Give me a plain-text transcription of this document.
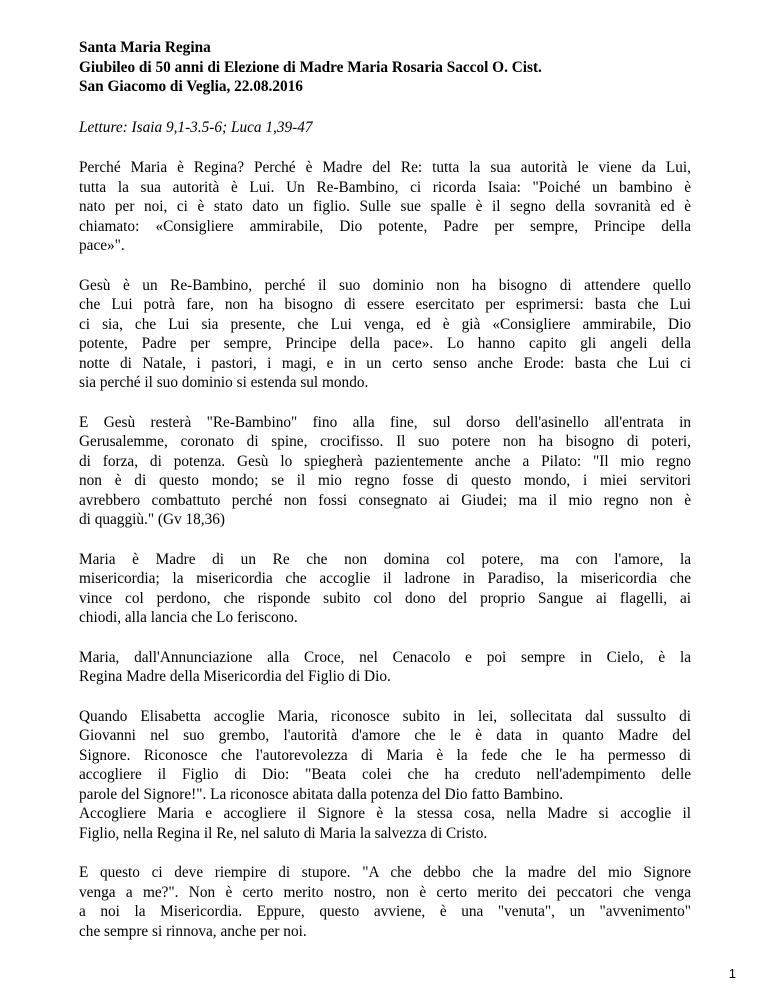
Santa Maria Regina

Giubileo di 50 anni di Elezione di Madre Maria Rosaria Saccol O. Cist.

San Giacomo di Veglia, 22.08.2016

Letture: Isaia 9,1-3.5-6; Luca 1,39-47

Perché Maria è Regina? Perché è Madre del Re: tutta la sua autorità le viene da Lui,
tutta la sua autorità è Lui. Un Re-Bambino, ci ricorda Isaia: "Poiché un bambino è
nato per noi, ci è stato dato un figlio. Sulle sue spalle è il segno della sovranità ed è
chiamato: «Consigliere ammirabile, Dio potente, Padre per sempre, Principe della
pace»".

Gesù è un Re-Bambino, perché il suo dominio non ha bisogno di attendere quello
che Lui potrà fare, non ha bisogno di essere esercitato per esprimersi: basta che Lui
ci sia, che Lui sia presente, che Lui venga, ed è già «Consigliere ammirabile, Dio
potente, Padre per sempre, Principe della pace». Lo hanno capito gli angeli della
notte di Natale, i pastori, i magi, e in un certo senso anche Erode: basta che Lui ci
sia perché il suo dominio si estenda sul mondo.

E Gesù resterà "Re-Bambino" fino alla fine, sul dorso dell'asinello all'entrata in
Gerusalemme, coronato di spine, crocifisso. Il suo potere non ha bisogno di poteri,
di forza, di potenza. Gesù lo spiegherà pazientemente anche a Pilato: "Il mio regno
non è di questo mondo; se il mio regno fosse di questo mondo, i miei servitori
avrebbero combattuto perché non fossi consegnato ai Giudei; ma il mio regno non è
di quaggiù." (Gv 18,36)

Maria è Madre di un Re che non domina col potere, ma con l'amore, la
misericordia; la misericordia che accoglie il ladrone in Paradiso, la misericordia che
vince col perdono, che risponde subito col dono del proprio Sangue ai flagelli, ai
chiodi, alla lancia che Lo feriscono.

Maria, dall'Annunciazione alla Croce, nel Cenacolo e poi sempre in Cielo, è la
Regina Madre della Misericordia del Figlio di Dio.

Quando Elisabetta accoglie Maria, riconosce subito in lei, sollecitata dal sussulto di
Giovanni nel suo grembo, l'autorità d'amore che le è data in quanto Madre del
Signore. Riconosce che l'autorevolezza di Maria è la fede che le ha permesso di
accogliere il Figlio di Dio: "Beata colei che ha creduto nell'adempimento delle
parole del Signore!". La riconosce abitata dalla potenza del Dio fatto Bambino.
Accogliere Maria e accogliere il Signore è la stessa cosa, nella Madre si accoglie il
Figlio, nella Regina il Re, nel saluto di Maria la salvezza di Cristo.

E questo ci deve riempire di stupore. "A che debbo che la madre del mio Signore
venga a me?". Non è certo merito nostro, non è certo merito dei peccatori che venga
a noi la Misericordia. Eppure, questo avviene, è una "venuta", un "avvenimento"
che sempre si rinnova, anche per noi.

1
